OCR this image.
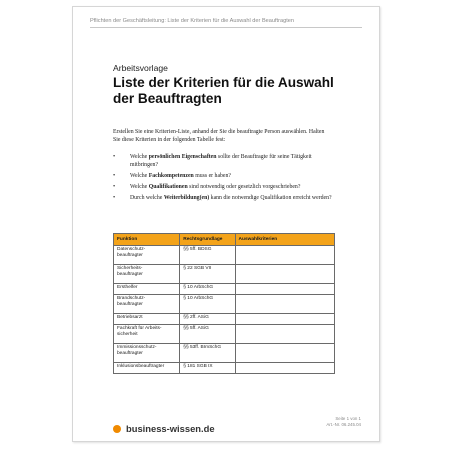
Pflichten der Geschäftsleitung: Liste der Kriterien für die Auswahl der Beauftragten
Arbeitsvorlage
Liste der Kriterien für die Auswahl der Beauftragten
Erstellen Sie eine Kriterien-Liste, anhand der Sie die beauftragte Person auswählen. Halten Sie diese Kriterien in der folgenden Tabelle fest:
•	Welche persönlichen Eigenschaften sollte der Beauftragte für seine Tätigkeit mitbringen?
•	Welche Fachkompetenzen muss er haben?
•	Welche Qualifikationen sind notwendig oder gesetzlich vorgeschrieben?
•	Durch welche Weiterbildung(en) kann die notwendige Qualifikation erreicht werden?
Funktion	Rechtsgrundlage	Auswahlkriterien
Datenschutz-
beauftragter	§§ 5ff. BDSG	
Sicherheits-
beauftragter	§ 22 SGB VII	
Ersthelfer	§ 10 ArbSchG	
Brandschutz-
beauftragter	§ 10 ArbSchG	
Betriebsarzt	§§ 2ff. ASiG	
Fachkraft für Arbeits-
sicherheit	§§ 5ff. ASiG	
Immissionsschutz-
beauftragter	§§ 53ff. BImSchG	
Inklusionsbeauftragter	§ 181 SGB IX	
business-wissen.de
Seite 1 von 1
Art.-Nr. 06.245.04
